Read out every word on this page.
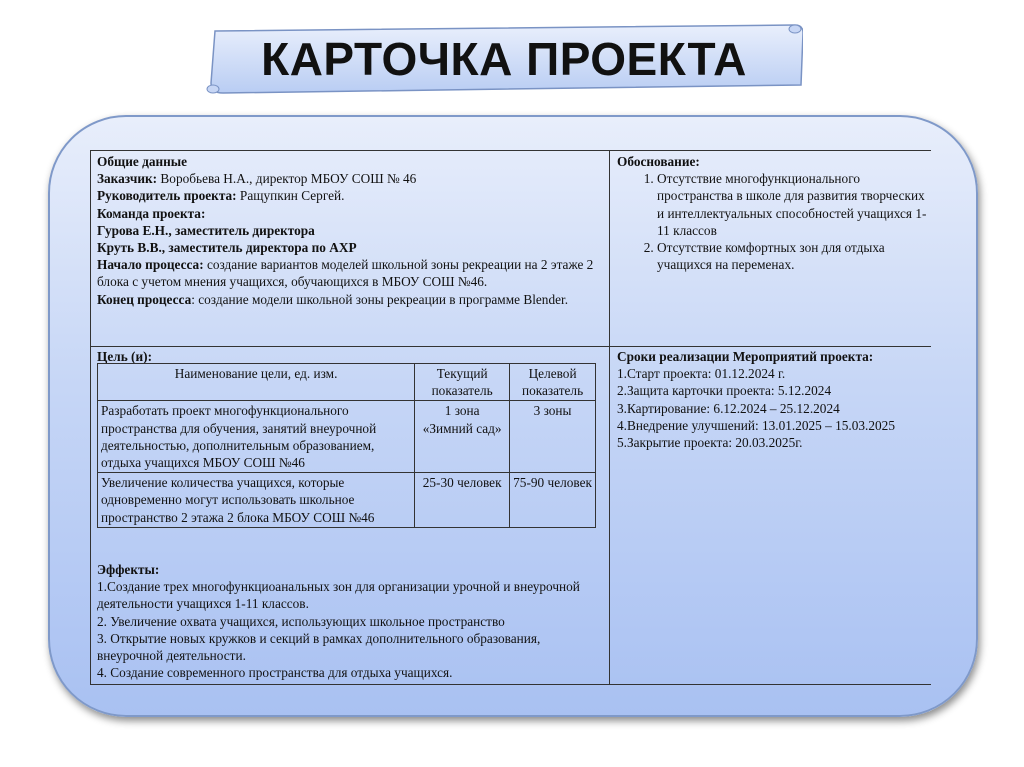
КАРТОЧКА ПРОЕКТА
Общие данные
Заказчик: Воробьева Н.А., директор МБОУ СОШ № 46
Руководитель проекта: Ращупкин Сергей.
Команда проекта:
Гурова Е.Н., заместитель директора
Круть В.В., заместитель директора по АХР
Начало процесса: создание вариантов моделей школьной зоны рекреации на 2 этаже 2 блока с учетом мнения учащихся, обучающихся в МБОУ СОШ №46.
Конец процесса: создание модели школьной зоны рекреации в программе Blender.
Обоснование:
1. Отсутствие многофункционального пространства в школе для развития творческих и интеллектуальных способностей учащихся 1-11 классов
2. Отсутствие комфортных зон для отдыха учащихся на переменах.
Цель (и):
Наименование цели, ед. изм.	Текущий показатель	Целевой показатель
Разработать проект многофункционального пространства для обучения, занятий внеурочной деятельностью, дополнительным образованием, отдыха учащихся МБОУ СОШ №46	1 зона «Зимний сад»	3 зоны
Увеличение количества учащихся, которые одновременно могут использовать школьное пространство 2 этажа 2 блока МБОУ СОШ №46	25-30 человек	75-90 человек
Эффекты:
1.Создание трех многофункциоанальных зон для организации урочной и внеурочной деятельности учащихся 1-11 классов.
2. Увеличение охвата учащихся, использующих школьное пространство
3. Открытие новых кружков и секций в рамках дополнительного образования, внеурочной деятельности.
4. Создание современного пространства для отдыха учащихся.
Сроки реализации Мероприятий проекта:
1.Старт проекта: 01.12.2024 г.
2.Защита карточки проекта: 5.12.2024
3.Картирование: 6.12.2024 – 25.12.2024
4.Внедрение улучшений: 13.01.2025 – 15.03.2025
5.Закрытие проекта: 20.03.2025г.
